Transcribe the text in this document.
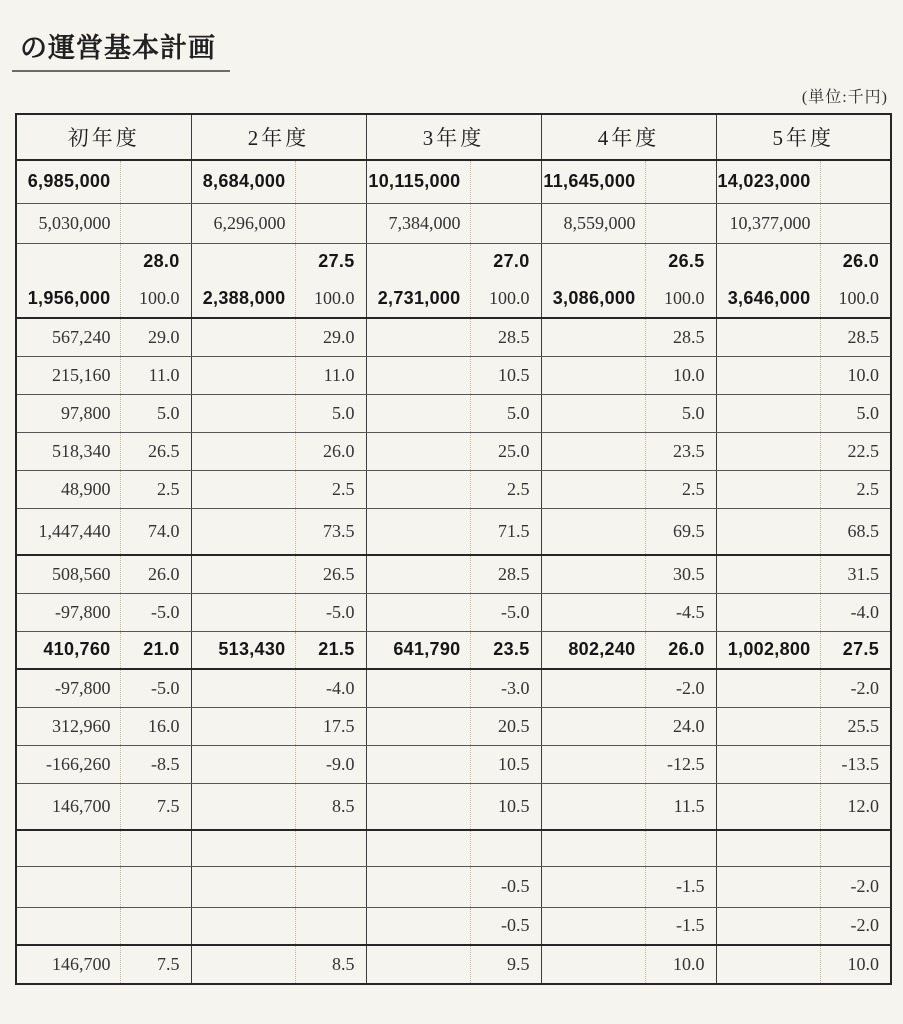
の運営基本計画
(単位:千円)
初年度		2年度		3年度		4年度		5年度	
6,985,000		8,684,000		10,115,000		11,645,000		14,023,000	
5,030,000		6,296,000		7,384,000		8,559,000		10,377,000	
	28.0		27.5		27.0		26.5		26.0
1,956,000	100.0	2,388,000	100.0	2,731,000	100.0	3,086,000	100.0	3,646,000	100.0
567,240	29.0		29.0		28.5		28.5		28.5
215,160	11.0		11.0		10.5		10.0		10.0
97,800	5.0		5.0		5.0		5.0		5.0
518,340	26.5		26.0		25.0		23.5		22.5
48,900	2.5		2.5		2.5		2.5		2.5
1,447,440	74.0		73.5		71.5		69.5		68.5
508,560	26.0		26.5		28.5		30.5		31.5
-97,800	-5.0		-5.0		-5.0		-4.5		-4.0
410,760	21.0	513,430	21.5	641,790	23.5	802,240	26.0	1,002,800	27.5
-97,800	-5.0		-4.0		-3.0		-2.0		-2.0
312,960	16.0		17.5		20.5		24.0		25.5
-166,260	-8.5		-9.0		10.5		-12.5		-13.5
146,700	7.5		8.5		10.5		11.5		12.0

					-0.5		-1.5		-2.0
					-0.5		-1.5		-2.0
146,700	7.5		8.5		9.5		10.0		10.0
